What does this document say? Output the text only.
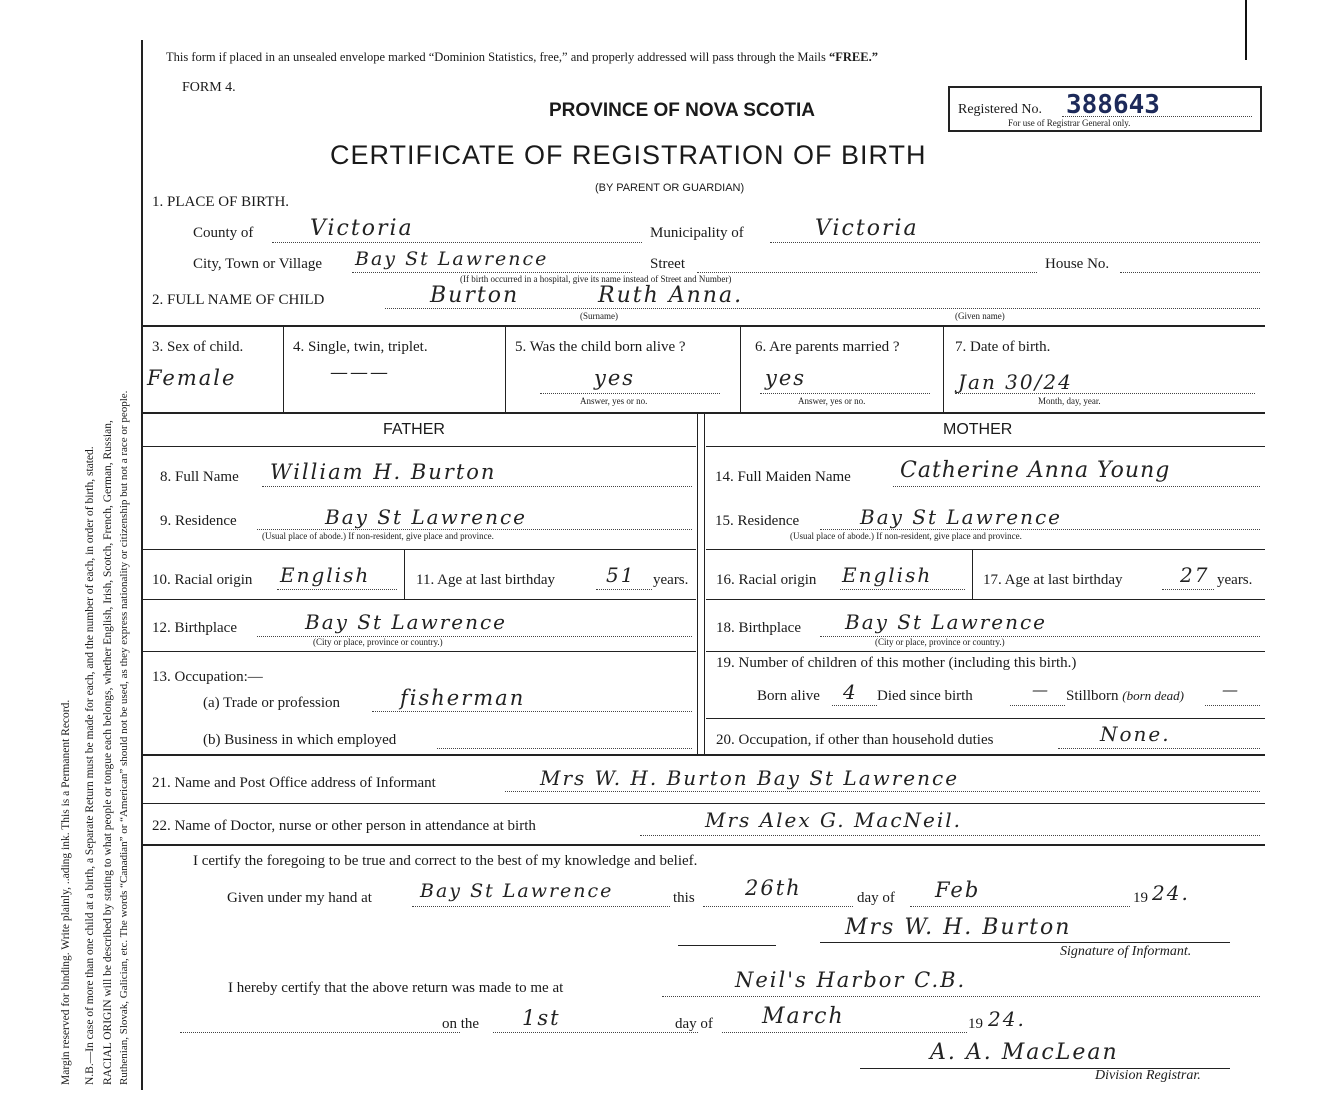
Margin reserved for binding. Write plainly, ..ading ink. This is a Permanent Record. N.B.—In case of more than one child at a birth, a Separate Return must be made for each, and the number of each, in order of birth, stated. RACIAL ORIGIN will be described by stating to what people or tongue each belongs, whether English, Irish, Scotch, French, German, Russian, Ruthenian, Slovak, Galician, etc. The words “Canadian” or “American” should not be used, as they express nationality or citizenship but not a race or people.
This form if placed in an unsealed envelope marked “Dominion Statistics, free,” and properly addressed will pass through the Mails “FREE.”
FORM 4.
PROVINCE OF NOVA SCOTIA
CERTIFICATE OF REGISTRATION OF BIRTH
(BY PARENT OR GUARDIAN)
Registered No. 388643
For use of Registrar General only.
1. PLACE OF BIRTH.
County of	Victoria	Municipality of	Victoria
City, Town or Village Bay St Lawrence	Street	House No.
(If birth occurred in a hospital, give its name instead of Street and Number)
2. FULL NAME OF CHILD	Burton	Ruth Anna.
(Surname)	(Given name)
3. Sex of child.
Female
4. Single, twin, triplet.
———
5. Was the child born alive ?
yes
Answer, yes or no.
6. Are parents married ?
yes
Answer, yes or no.
7. Date of birth.
Jan 30/24
Month, day, year.
FATHER	MOTHER
8. Full Name William H. Burton
9. Residence	Bay St Lawrence
(Usual place of abode.) If non-resident, give place and province.
10. Racial origin English	11. Age at last birthday	51 years.
12. Birthplace	Bay St Lawrence
(City or place, province or country.)
13. Occupation:—
(a) Trade or profession	fisherman
(b) Business in which employed
14. Full Maiden Name Catherine Anna Young
15. Residence	Bay St Lawrence
(Usual place of abode.) If non-resident, give place and province.
16. Racial origin English	17. Age at last birthday	27 years.
18. Birthplace Bay St Lawrence
(City or place, province or country.)
19. Number of children of this mother (including this birth.)
Born alive 4 Died since birth	— Stillborn (born dead) —
20. Occupation, if other than household duties	None.
21. Name and Post Office address of Informant	Mrs W. H. Burton Bay St Lawrence
22. Name of Doctor, nurse or other person in attendance at birth	Mrs Alex G. MacNeil.
I certify the foregoing to be true and correct to the best of my knowledge and belief.
Given under my hand at	Bay St Lawrence	this 26th	day of Feb	19 24.
Mrs W. H. Burton
Signature of Informant.
I hereby certify that the above return was made to me at	Neil's Harbor C.B.
on the 1st	day of March	19 24.
A. A. MacLean
Division Registrar.
